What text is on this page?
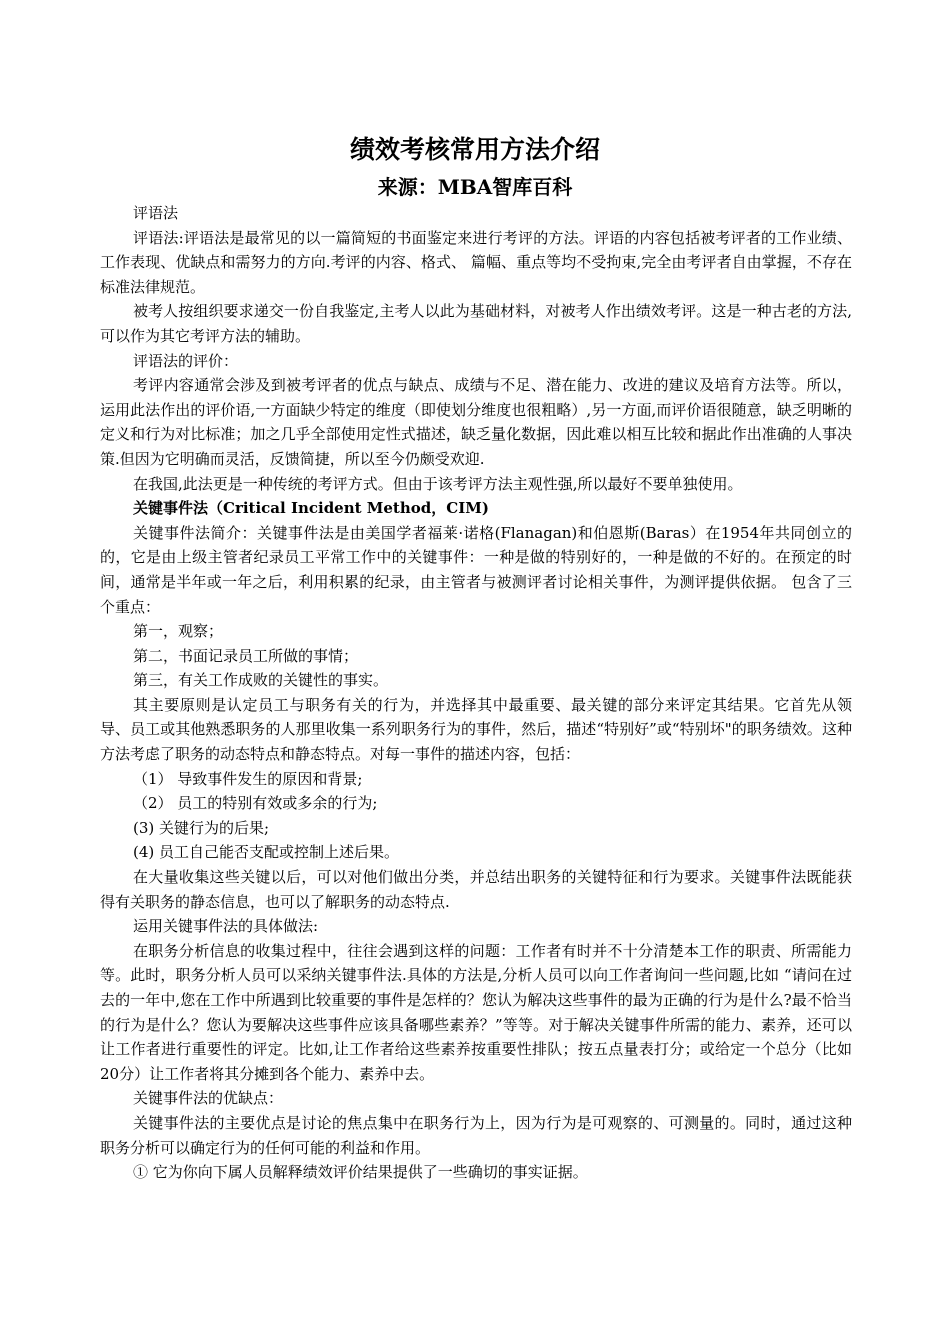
绩效考核常用方法介绍
来源：MBA智库百科

评语法

评语法:评语法是最常见的以一篇简短的书面鉴定来进行考评的方法。评语的内容包括被考评者的工作业绩、工作表现、优缺点和需努力的方向.考评的内容、格式、 篇幅、重点等均不受拘束,完全由考评者自由掌握，不存在标准法律规范。

被考人按组织要求递交一份自我鉴定,主考人以此为基础材料，对被考人作出绩效考评。这是一种古老的方法,可以作为其它考评方法的辅助。

评语法的评价：

考评内容通常会涉及到被考评者的优点与缺点、成绩与不足、潜在能力、改进的建议及培育方法等。所以，运用此法作出的评价语,一方面缺少特定的维度（即使划分维度也很粗略）,另一方面,而评价语很随意，缺乏明晰的定义和行为对比标准；加之几乎全部使用定性式描述，缺乏量化数据，因此难以相互比较和据此作出准确的人事决策.但因为它明确而灵活，反馈简捷，所以至今仍颇受欢迎.

在我国,此法更是一种传统的考评方式。但由于该考评方法主观性强,所以最好不要单独使用。

关键事件法（Critical Incident Method，CIM)

关键事件法简介：关键事件法是由美国学者福莱·诺格(Flanagan)和伯恩斯(Baras）在1954年共同创立的的，它是由上级主管者纪录员工平常工作中的关键事件：一种是做的特别好的，一种是做的不好的。在预定的时间，通常是半年或一年之后，利用积累的纪录，由主管者与被测评者讨论相关事件，为测评提供依据。 包含了三个重点：

第一，观察；

第二，书面记录员工所做的事情；

第三，有关工作成败的关键性的事实。

其主要原则是认定员工与职务有关的行为，并选择其中最重要、最关键的部分来评定其结果。它首先从领导、员工或其他熟悉职务的人那里收集一系列职务行为的事件，然后，描述“特别好”或“特别坏"的职务绩效。这种方法考虑了职务的动态特点和静态特点。对每一事件的描述内容，包括：

（1） 导致事件发生的原因和背景;

（2） 员工的特别有效或多余的行为;

(3) 关键行为的后果;

(4) 员工自己能否支配或控制上述后果。

在大量收集这些关键以后，可以对他们做出分类，并总结出职务的关键特征和行为要求。关键事件法既能获得有关职务的静态信息，也可以了解职务的动态特点.

运用关键事件法的具体做法:

在职务分析信息的收集过程中，往往会遇到这样的问题：工作者有时并不十分清楚本工作的职责、所需能力等。此时，职务分析人员可以采纳关键事件法.具体的方法是,分析人员可以向工作者询问一些问题,比如 “请问在过去的一年中,您在工作中所遇到比较重要的事件是怎样的？您认为解决这些事件的最为正确的行为是什么?最不恰当的行为是什么？您认为要解决这些事件应该具备哪些素养？”等等。对于解决关键事件所需的能力、素养，还可以让工作者进行重要性的评定。比如,让工作者给这些素养按重要性排队；按五点量表打分；或给定一个总分（比如20分）让工作者将其分摊到各个能力、素养中去。

关键事件法的优缺点：

关键事件法的主要优点是讨论的焦点集中在职务行为上，因为行为是可观察的、可测量的。同时，通过这种职务分析可以确定行为的任何可能的利益和作用。

① 它为你向下属人员解释绩效评价结果提供了一些确切的事实证据。
